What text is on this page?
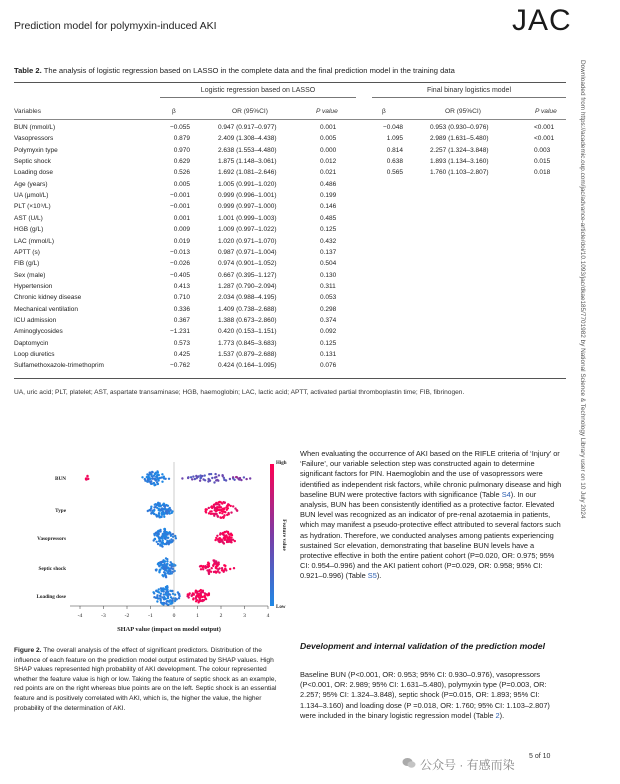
Prediction model for polymyxin-induced AKI	JAC
Downloaded from https://academic.oup.com/jac/advance-article/doi/10.1093/jac/dkae185/7701982 by National Science & Technology Library user on 10 July 2024
Table 2. The analysis of logistic regression based on LASSO in the complete data and the final prediction model in the training data
Logistic regression based on LASSO	Final binary logistics model
Variables	β	OR (95%CI)	P value	β	OR (95%CI)	P value
BUN (mmol/L)	−0.055	0.947 (0.917–0.977)	0.001	−0.048	0.953 (0.930–0.976)	<0.001
Vasopressors	0.879	2.409 (1.308–4.438)	0.005	1.095	2.989 (1.631–5.480)	<0.001
Polymyxin type	0.970	2.638 (1.553–4.480)	0.000	0.814	2.257 (1.324–3.848)	0.003
Septic shock	0.629	1.875 (1.148–3.061)	0.012	0.638	1.893 (1.134–3.160)	0.015
Loading dose	0.526	1.692 (1.081–2.646)	0.021	0.565	1.760 (1.103–2.807)	0.018
Age (years)	0.005	1.005 (0.991–1.020)	0.486
UA (μmol/L)	−0.001	0.999 (0.996–1.001)	0.199
PLT (×10⁹/L)	−0.001	0.999 (0.997–1.000)	0.146
AST (U/L)	0.001	1.001 (0.999–1.003)	0.485
HGB (g/L)	0.009	1.009 (0.997–1.022)	0.125
LAC (mmol/L)	0.019	1.020 (0.971–1.070)	0.432
APTT (s)	−0.013	0.987 (0.971–1.004)	0.137
FIB (g/L)	−0.026	0.974 (0.901–1.052)	0.504
Sex (male)	−0.405	0.667 (0.395–1.127)	0.130
Hypertension	0.413	1.287 (0.790–2.094)	0.311
Chronic kidney disease	0.710	2.034 (0.988–4.195)	0.053
Mechanical ventilation	0.336	1.409 (0.738–2.688)	0.298
ICU admission	0.367	1.388 (0.673–2.860)	0.374
Aminoglycosides	−1.231	0.420 (0.153–1.151)	0.092
Daptomycin	0.573	1.773 (0.845–3.683)	0.125
Loop diuretics	0.425	1.537 (0.879–2.688)	0.131
Sulfamethoxazole-trimethoprim	−0.762	0.424 (0.164–1.095)	0.076
UA, uric acid; PLT, platelet; AST, aspartate transaminase; HGB, haemoglobin; LAC, lactic acid; APTT, activated partial thromboplastin time; FIB, fibrinogen.
-4	-3	-2	-1	0	1	2	3	4
BUN
Type
Vasopressors
Septic shock
Loading dose
SHAP value (impact on model output)
High
Low
Feature value
Figure 2. The overall analysis of the effect of significant predictors. Distribution of the influence of each feature on the prediction model output estimated by SHAP values. High SHAP values represented high probability of AKI development. The colour represented whether the feature value is high or low. Taking the feature of septic shock as an example, red points are on the right whereas blue points are on the left. Septic shock is an essential feature and is positively correlated with AKI, which is, the higher the value, the higher probability of the determination of AKI.
When evaluating the occurrence of AKI based on the RIFLE criteria of ‘Injury’ or ‘Failure’, our variable selection step was constructed again to determine significant factors for PIN. Haemoglobin and the use of vasopressors were identified as independent risk factors, while chronic pulmonary disease and high baseline BUN were protective factors with significance (Table S4). In our analysis, BUN has been consistently identified as a protective factor. Elevated BUN level was recognized as an indicator of pre-renal azotaemia in patients, which may manifest a pseudo-protective effect attributed to several factors such as hydration. Therefore, we conducted analyses among patients experiencing sustained Scr elevation, demonstrating that baseline BUN levels have a protective effective in both the entire patient cohort (P=0.020, OR: 0.975; 95% CI: 0.954–0.996) and the AKI patient cohort (P=0.029, OR: 0.958; 95% CI: 0.921–0.996) (Table S5).
Development and internal validation of the prediction model
Baseline BUN (P<0.001, OR: 0.953; 95% CI: 0.930–0.976), vasopressors (P<0.001, OR: 2.989; 95% CI: 1.631–5.480), polymyxin type (P=0.003, OR: 2.257; 95% CI: 1.324–3.848), septic shock (P=0.015, OR: 1.893; 95% CI: 1.134–3.160) and loading dose (P =0.018, OR: 1.760; 95% CI: 1.103–2.807) were included in the binary logistic regression model (Table 2).
5 of 10
公众号 · 有感而染
